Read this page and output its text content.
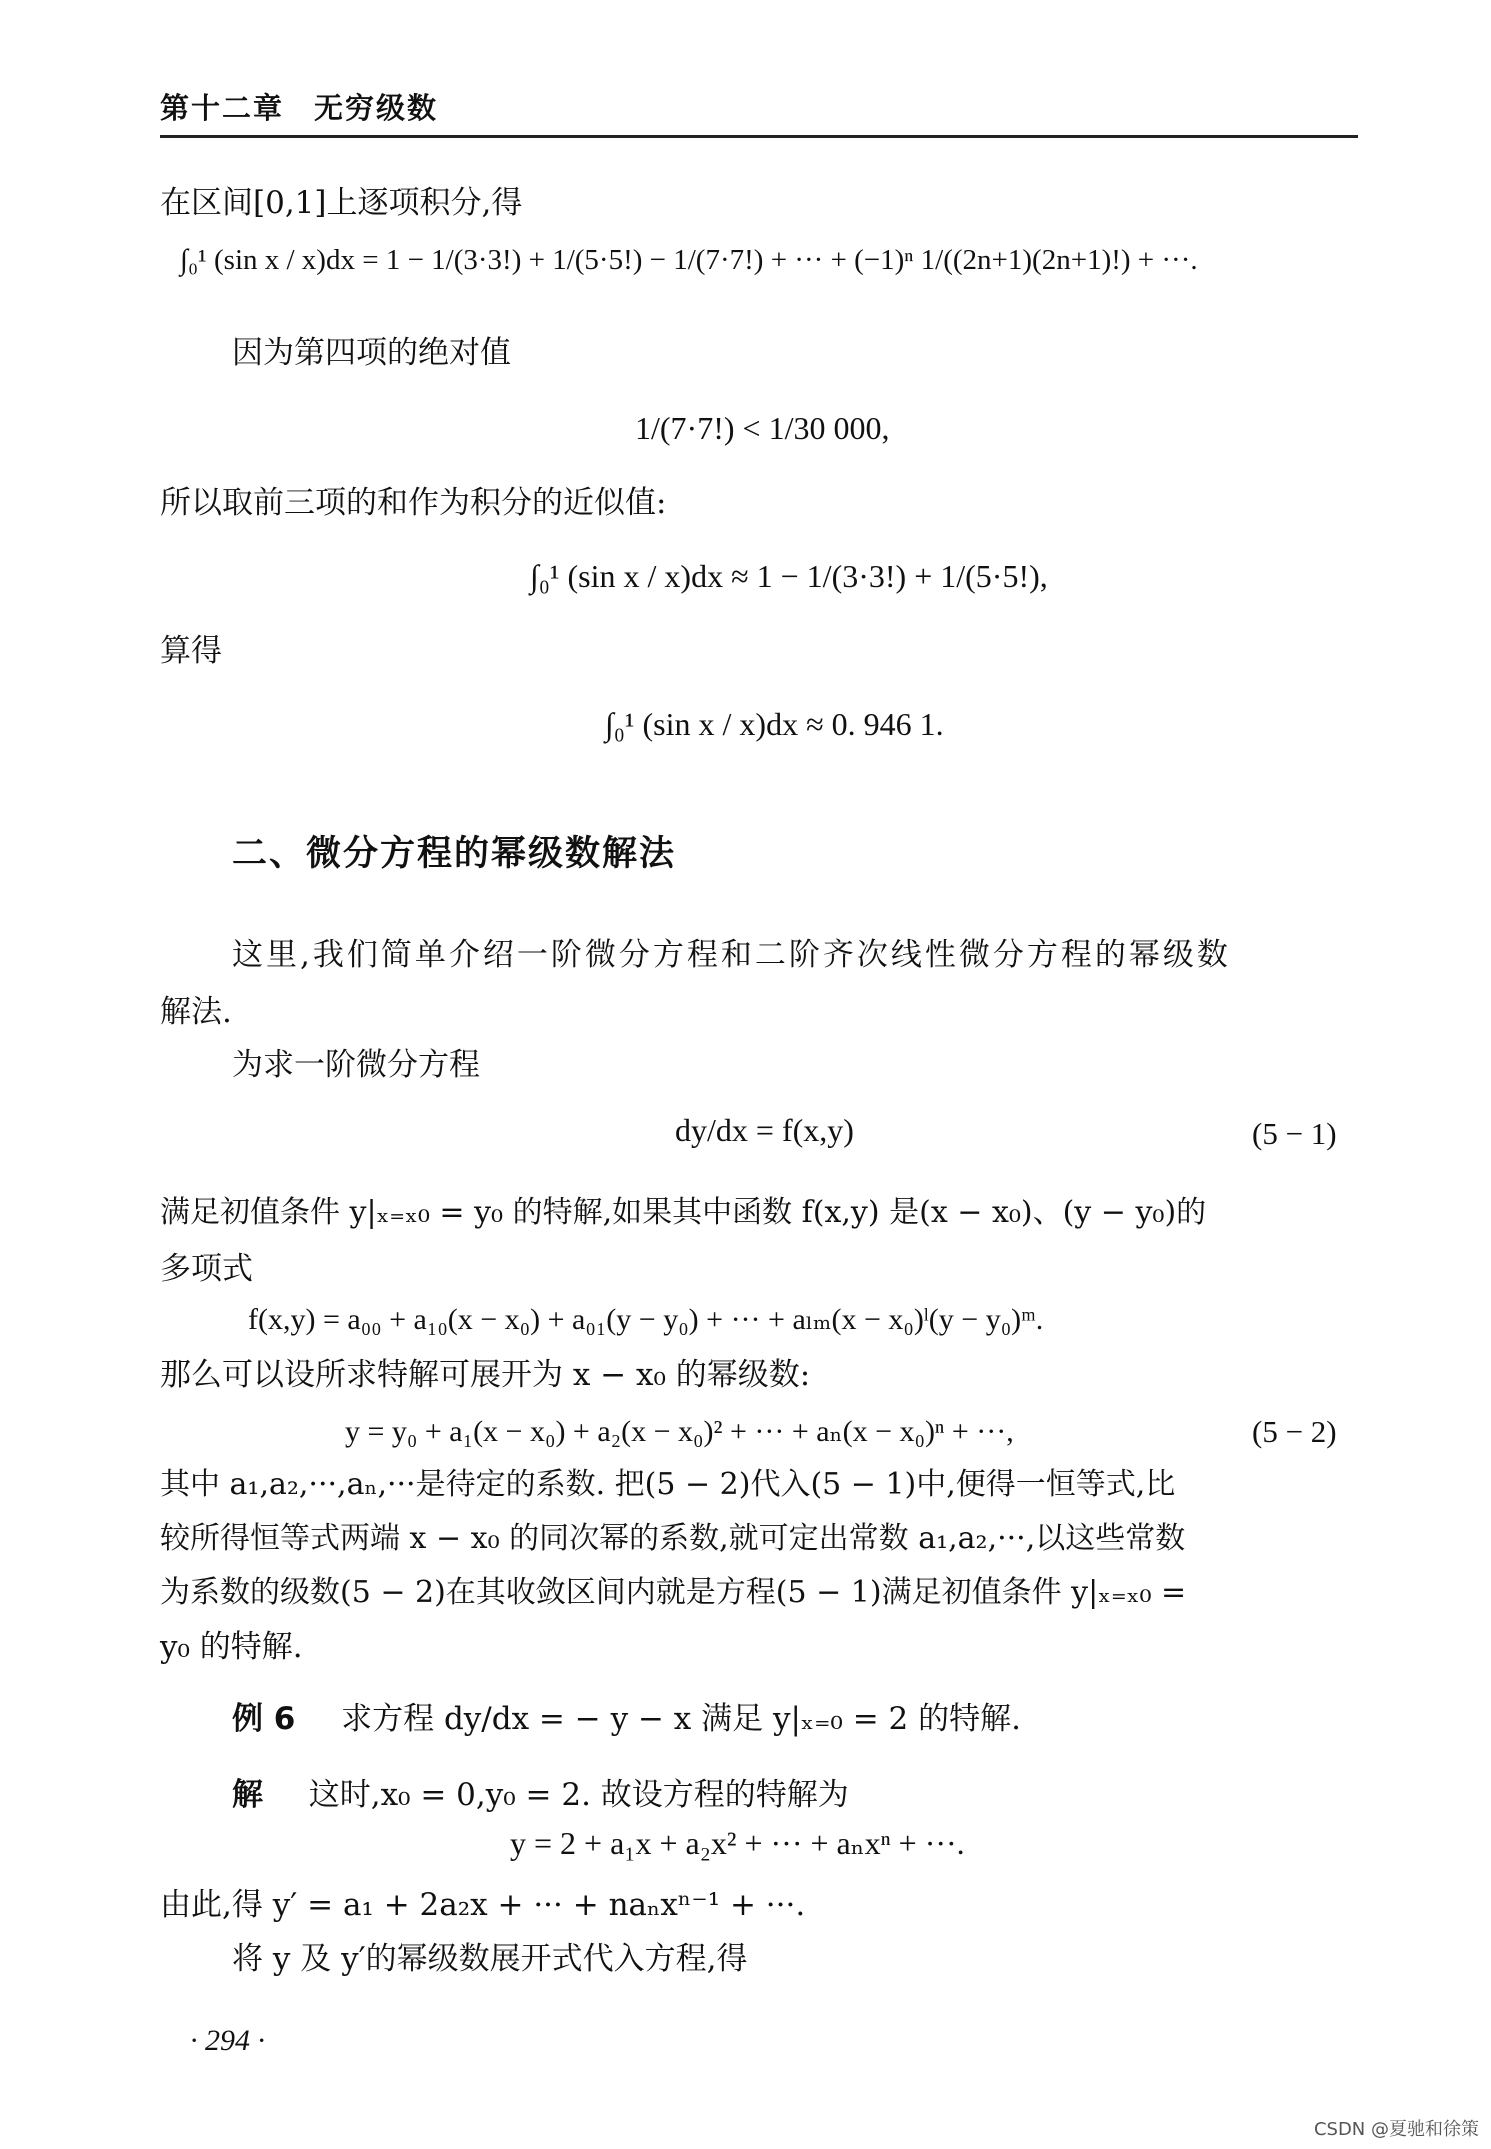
第十二章 无穷级数
在区间[0,1]上逐项积分,得
∫₀¹ (sin x / x)dx = 1 − 1/(3·3!) + 1/(5·5!) − 1/(7·7!) + ··· + (−1)ⁿ 1/((2n+1)(2n+1)!) + ···.
因为第四项的绝对值
1/(7·7!) < 1/30 000,
所以取前三项的和作为积分的近似值:
∫₀¹ (sin x / x)dx ≈ 1 − 1/(3·3!) + 1/(5·5!),
算得
∫₀¹ (sin x / x)dx ≈ 0. 946 1.
二、微分方程的幂级数解法
这里,我们简单介绍一阶微分方程和二阶齐次线性微分方程的幂级数
解法.
为求一阶微分方程
dy/dx = f(x,y)	(5 − 1)
满足初值条件 y|ₓ₌ₓ₀ = y₀ 的特解,如果其中函数 f(x,y) 是(x − x₀)、(y − y₀)的
多项式
f(x,y) = a₀₀ + a₁₀(x − x₀) + a₀₁(y − y₀) + ··· + aₗₘ(x − x₀)ˡ(y − y₀)ᵐ.
那么可以设所求特解可展开为 x − x₀ 的幂级数:
y = y₀ + a₁(x − x₀) + a₂(x − x₀)² + ··· + aₙ(x − x₀)ⁿ + ···,	(5 − 2)
其中 a₁,a₂,···,aₙ,···是待定的系数. 把(5 − 2)代入(5 − 1)中,便得一恒等式,比
较所得恒等式两端 x − x₀ 的同次幂的系数,就可定出常数 a₁,a₂,···,以这些常数
为系数的级数(5 − 2)在其收敛区间内就是方程(5 − 1)满足初值条件 y|ₓ₌ₓ₀ =
y₀ 的特解.
例 6 求方程 dy/dx = − y − x 满足 y|ₓ₌₀ = 2 的特解.
解 这时,x₀ = 0,y₀ = 2. 故设方程的特解为
y = 2 + a₁x + a₂x² + ··· + aₙxⁿ + ···.
由此,得 y′ = a₁ + 2a₂x + ··· + naₙxⁿ⁻¹ + ···.
将 y 及 y′的幂级数展开式代入方程,得
· 294 ·
CSDN @夏驰和徐策
